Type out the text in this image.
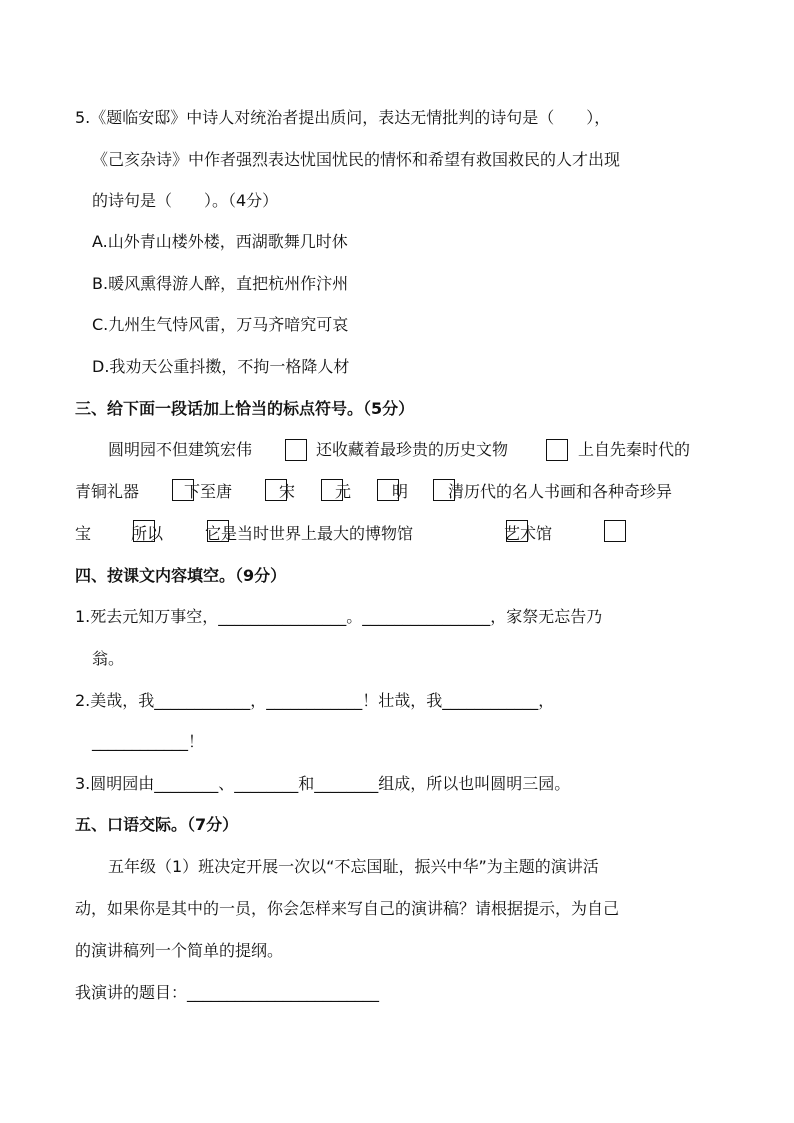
5.《题临安邸》中诗人对统治者提出质问，表达无情批判的诗句是（　　），
《己亥杂诗》中作者强烈表达忧国忧民的情怀和希望有救国救民的人才出现
的诗句是（　　）。（4分）
A.山外青山楼外楼，西湖歌舞几时休
B.暖风熏得游人醉，直把杭州作汴州
C.九州生气恃风雷，万马齐喑究可哀
D.我劝天公重抖擞，不拘一格降人材
三、给下面一段话加上恰当的标点符号。（5分）
圆明园不但建筑宏伟	还收藏着最珍贵的历史文物	上自先秦时代的
青铜礼器	下至唐	宋 元	明 清历代的名人书画和各种奇珍异
宝 所以	它 是当时世界上最大的博物馆	艺术馆
四、按课文内容填空。（9分）
1.死去元知万事空，________________。________________，家祭无忘告乃
翁。
2.美哉，我____________，____________！壮哉，我____________，
____________！
3.圆明园由________、________和________组成，所以也叫圆明三园。
五、口语交际。（7分）
五年级（1）班决定开展一次以“不忘国耻，振兴中华”为主题的演讲活
动，如果你是其中的一员，你会怎样来写自己的演讲稿？请根据提示，为自己
的演讲稿列一个简单的提纲。
我演讲的题目：________________________
